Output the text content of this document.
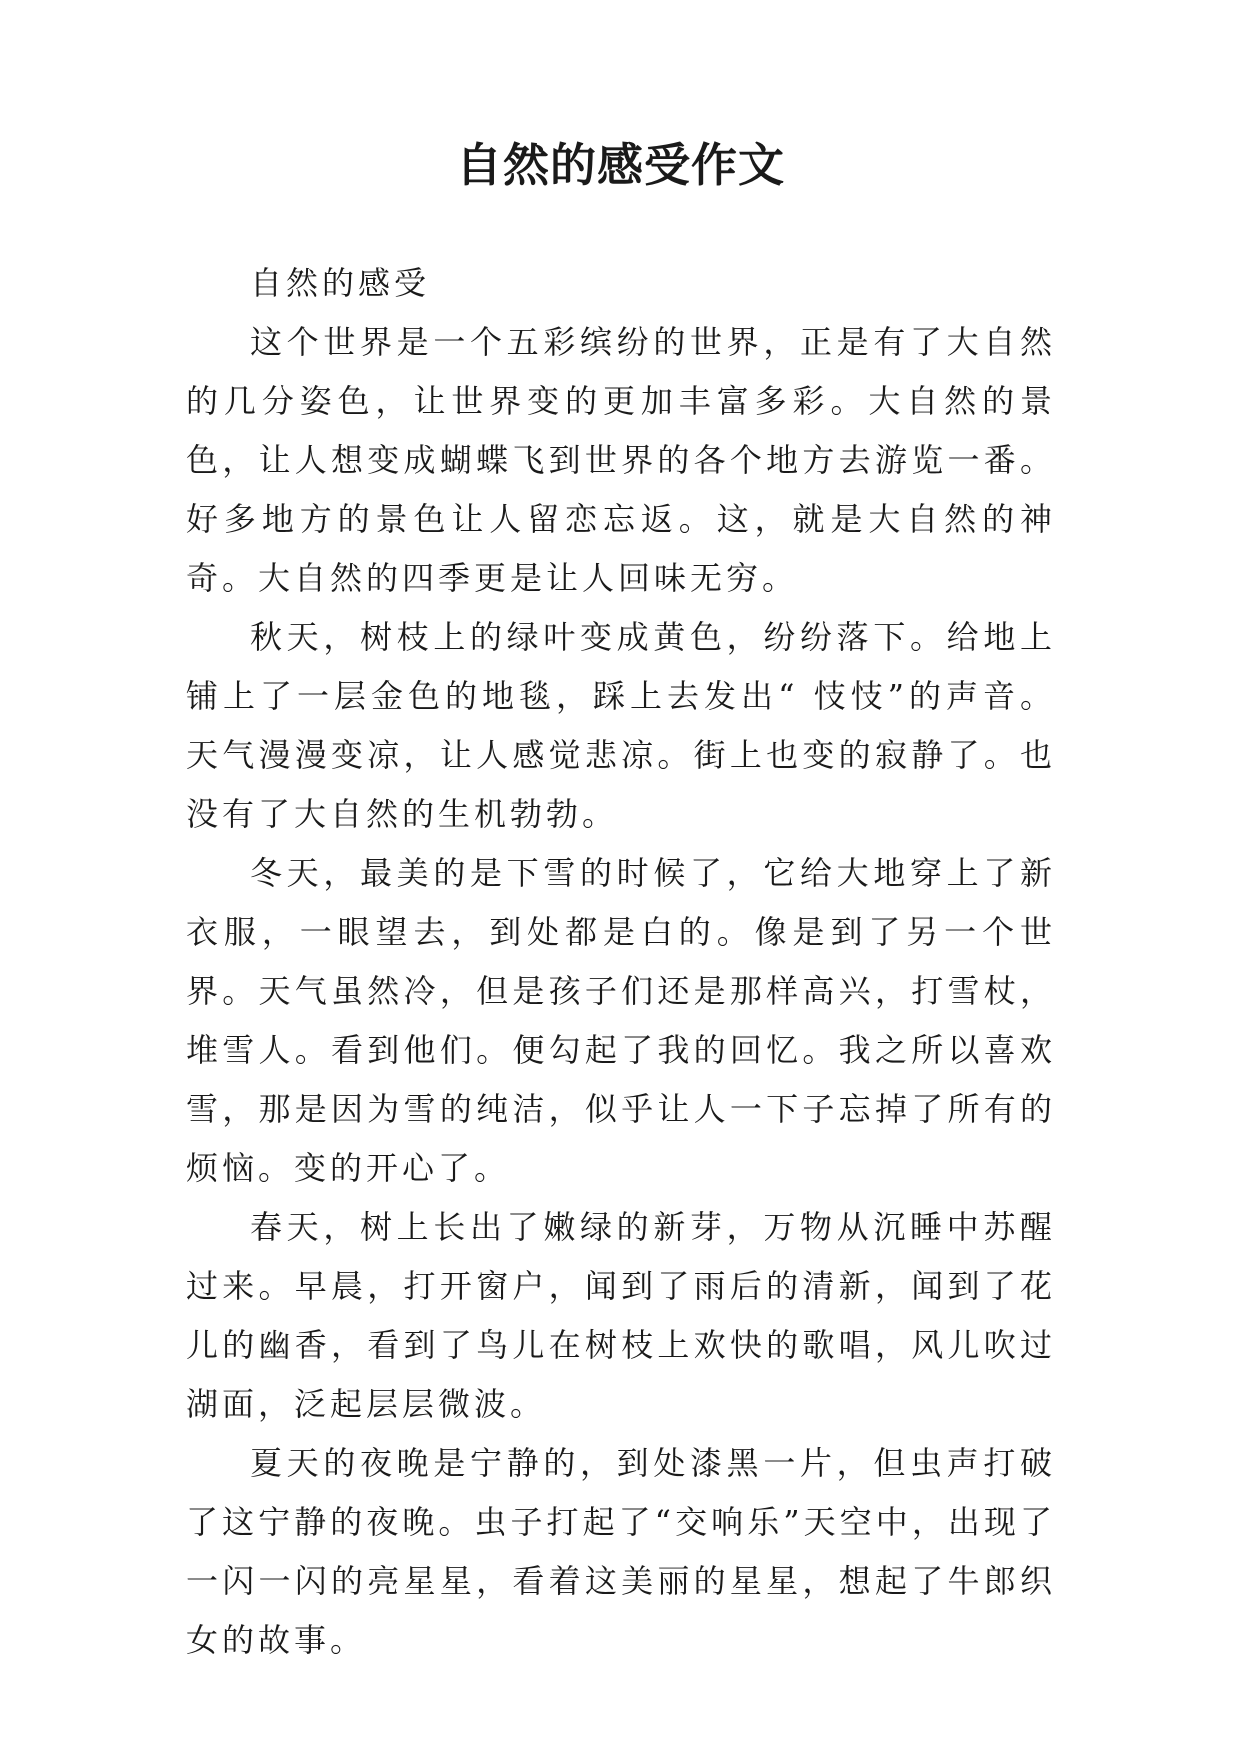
自然的感受作文

自然的感受

这个世界是一个五彩缤纷的世界，正是有了大自然的几分姿色，让世界变的更加丰富多彩。大自然的景色，让人想变成蝴蝶飞到世界的各个地方去游览一番。好多地方的景色让人留恋忘返。这，就是大自然的神奇。大自然的四季更是让人回味无穷。

秋天，树枝上的绿叶变成黄色，纷纷落下。给地上铺上了一层金色的地毯，踩上去发出“ 忮忮”的声音。天气漫漫变凉，让人感觉悲凉。街上也变的寂静了。也没有了大自然的生机勃勃。

冬天，最美的是下雪的时候了，它给大地穿上了新衣服，一眼望去，到处都是白的。像是到了另一个世界。天气虽然冷，但是孩子们还是那样高兴，打雪杖，堆雪人。看到他们。便勾起了我的回忆。我之所以喜欢雪，那是因为雪的纯洁，似乎让人一下子忘掉了所有的烦恼。变的开心了。

春天，树上长出了嫩绿的新芽，万物从沉睡中苏醒过来。早晨，打开窗户，闻到了雨后的清新，闻到了花儿的幽香，看到了鸟儿在树枝上欢快的歌唱，风儿吹过湖面，泛起层层微波。

夏天的夜晚是宁静的，到处漆黑一片，但虫声打破了这宁静的夜晚。虫子打起了“交响乐”天空中，出现了一闪一闪的亮星星，看着这美丽的星星，想起了牛郎织女的故事。
